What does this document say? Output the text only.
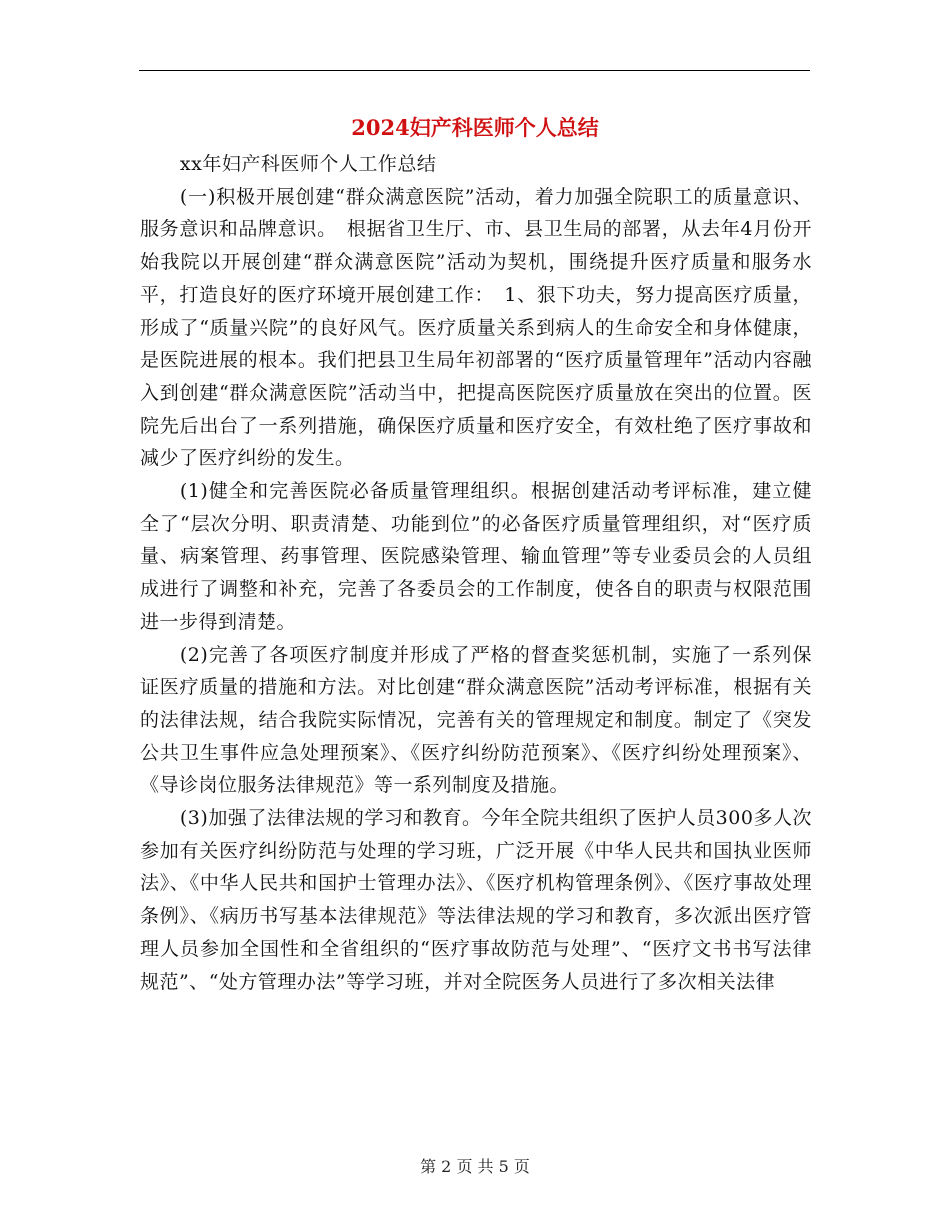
2024妇产科医师个人总结

xx年妇产科医师个人工作总结

(一)积极开展创建“群众满意医院”活动，着力加强全院职工的质量意识、服务意识和品牌意识。　根据省卫生厅、市、县卫生局的部署，从去年4月份开始我院以开展创建“群众满意医院”活动为契机，围绕提升医疗质量和服务水平，打造良好的医疗环境开展创建工作：　1、狠下功夫，努力提高医疗质量，形成了“质量兴院”的良好风气。医疗质量关系到病人的生命安全和身体健康，是医院进展的根本。我们把县卫生局年初部署的“医疗质量管理年”活动内容融入到创建“群众满意医院”活动当中，把提高医院医疗质量放在突出的位置。医院先后出台了一系列措施，确保医疗质量和医疗安全，有效杜绝了医疗事故和减少了医疗纠纷的发生。

(1)健全和完善医院必备质量管理组织。根据创建活动考评标准，建立健全了“层次分明、职责清楚、功能到位”的必备医疗质量管理组织，对“医疗质量、病案管理、药事管理、医院感染管理、输血管理”等专业委员会的人员组成进行了调整和补充，完善了各委员会的工作制度，使各自的职责与权限范围进一步得到清楚。

(2)完善了各项医疗制度并形成了严格的督查奖惩机制，实施了一系列保证医疗质量的措施和方法。对比创建“群众满意医院”活动考评标准，根据有关的法律法规，结合我院实际情况，完善有关的管理规定和制度。制定了《突发公共卫生事件应急处理预案》、《医疗纠纷防范预案》、《医疗纠纷处理预案》、《导诊岗位服务法律规范》等一系列制度及措施。

(3)加强了法律法规的学习和教育。今年全院共组织了医护人员300多人次参加有关医疗纠纷防范与处理的学习班，广泛开展《中华人民共和国执业医师法》、《中华人民共和国护士管理办法》、《医疗机构管理条例》、《医疗事故处理条例》、《病历书写基本法律规范》等法律法规的学习和教育，多次派出医疗管理人员参加全国性和全省组织的“医疗事故防范与处理”、“医疗文书书写法律规范”、“处方管理办法”等学习班，并对全院医务人员进行了多次相关法律

第 2 页 共 5 页
